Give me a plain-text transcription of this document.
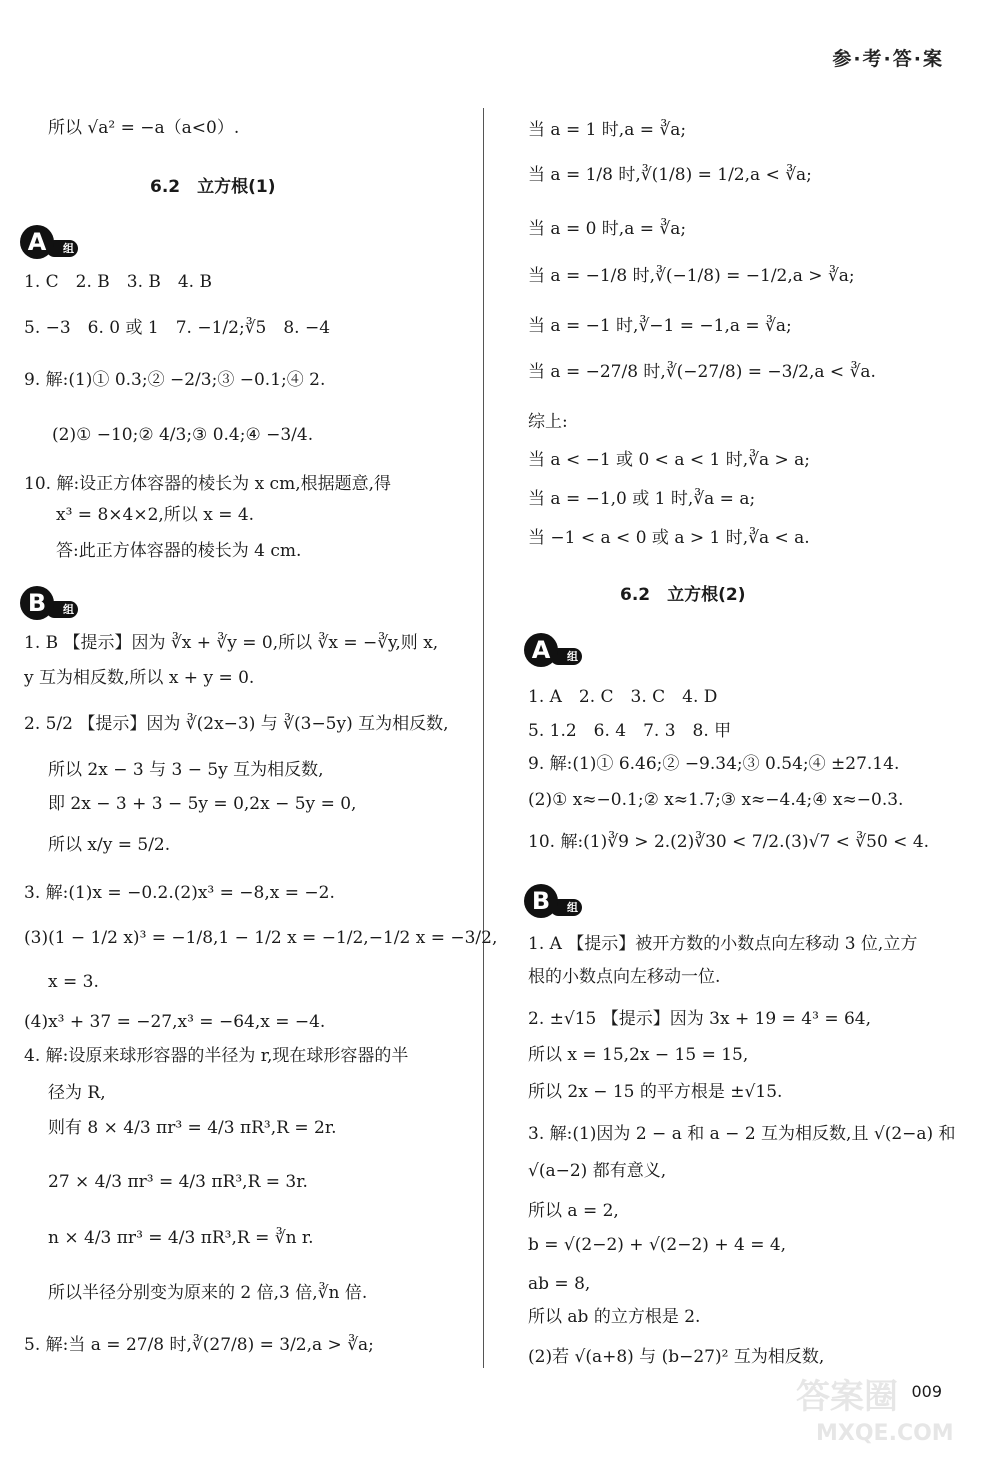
参·考·答·案
所以 √a² = −a（a<0）.
6.2　立方根(1)
组
A
1. C　2. B　3. B　4. B
5. −3　6. 0 或 1　7. −1/2;∛5　8. −4
9. 解:(1)① 0.3;② −2/3;③ −0.1;④ 2.
(2)① −10;② 4/3;③ 0.4;④ −3/4.
10. 解:设正方体容器的棱长为 x cm,根据题意,得
x³ = 8×4×2,所以 x = 4.
答:此正方体容器的棱长为 4 cm.
组
B
1. B 【提示】因为 ∛x + ∛y = 0,所以 ∛x = −∛y,则 x,
y 互为相反数,所以 x + y = 0.
2. 5/2 【提示】因为 ∛(2x−3) 与 ∛(3−5y) 互为相反数,
所以 2x − 3 与 3 − 5y 互为相反数,
即 2x − 3 + 3 − 5y = 0,2x − 5y = 0,
所以 x/y = 5/2.
3. 解:(1)x = −0.2.(2)x³ = −8,x = −2.
(3)(1 − 1/2 x)³ = −1/8,1 − 1/2 x = −1/2,−1/2 x = −3/2,
x = 3.
(4)x³ + 37 = −27,x³ = −64,x = −4.
4. 解:设原来球形容器的半径为 r,现在球形容器的半
径为 R,
则有 8 × 4/3 πr³ = 4/3 πR³,R = 2r.
27 × 4/3 πr³ = 4/3 πR³,R = 3r.
n × 4/3 πr³ = 4/3 πR³,R = ∛n r.
所以半径分别变为原来的 2 倍,3 倍,∛n 倍.
5. 解:当 a = 27/8 时,∛(27/8) = 3/2,a > ∛a;
当 a = 1 时,a = ∛a;
当 a = 1/8 时,∛(1/8) = 1/2,a < ∛a;
当 a = 0 时,a = ∛a;
当 a = −1/8 时,∛(−1/8) = −1/2,a > ∛a;
当 a = −1 时,∛−1 = −1,a = ∛a;
当 a = −27/8 时,∛(−27/8) = −3/2,a < ∛a.
综上:
当 a < −1 或 0 < a < 1 时,∛a > a;
当 a = −1,0 或 1 时,∛a = a;
当 −1 < a < 0 或 a > 1 时,∛a < a.
6.2　立方根(2)
组
A
1. A　2. C　3. C　4. D
5. 1.2　6. 4　7. 3　8. 甲
9. 解:(1)① 6.46;② −9.34;③ 0.54;④ ±27.14.
(2)① x≈−0.1;② x≈1.7;③ x≈−4.4;④ x≈−0.3.
10. 解:(1)∛9 > 2.(2)∛30 < 7/2.(3)√7 < ∛50 < 4.
组
B
1. A 【提示】被开方数的小数点向左移动 3 位,立方
根的小数点向左移动一位.
2. ±√15 【提示】因为 3x + 19 = 4³ = 64,
所以 x = 15,2x − 15 = 15,
所以 2x − 15 的平方根是 ±√15.
3. 解:(1)因为 2 − a 和 a − 2 互为相反数,且 √(2−a) 和
√(a−2) 都有意义,
所以 a = 2,
b = √(2−2) + √(2−2) + 4 = 4,
ab = 8,
所以 ab 的立方根是 2.
(2)若 √(a+8) 与 (b−27)² 互为相反数,
009
答案圈
MXQE.COM
